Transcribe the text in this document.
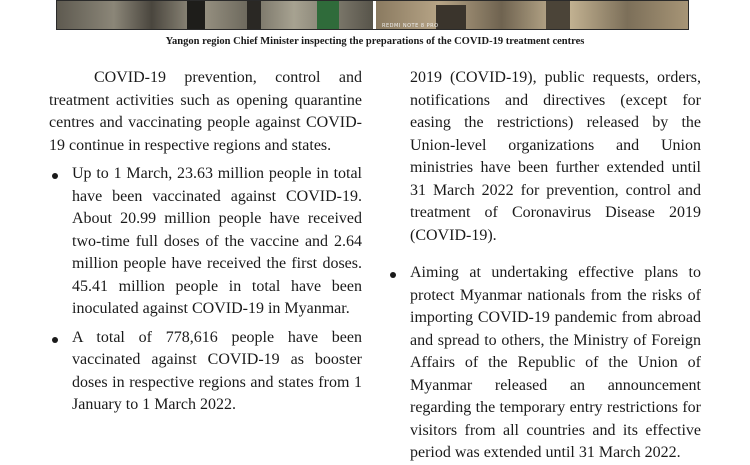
REDMI NOTE 8 PRO
Yangon region Chief Minister inspecting the preparations of the COVID-19 treatment centres

COVID-19 prevention, control and treatment activities such as opening quarantine centres and vaccinating people against COVID-19 continue in respective regions and states.

Up to 1 March, 23.63 million people in total have been vaccinated against COVID-19. About 20.99 million people have received two-time full doses of the vaccine and 2.64 million people have received the first doses. 45.41 million people in total have been inoculated against COVID-19 in Myanmar.
A total of 778,616 people have been vaccinated against COVID-19 as booster doses in respective regions and states from 1 January to 1 March 2022.

2019 (COVID-19), public requests, orders, notifications and directives (except for easing the restrictions) released by the Union-level organizations and Union ministries have been further extended until 31 March 2022 for prevention, control and treatment of Coronavirus Disease 2019 (COVID-19).

Aiming at undertaking effective plans to protect Myanmar nationals from the risks of importing COVID-19 pandemic from abroad and spread to others, the Ministry of Foreign Affairs of the Republic of the Union of Myanmar released an announcement regarding the temporary entry restrictions for visitors from all countries and its effective period was extended until 31 March 2022.
